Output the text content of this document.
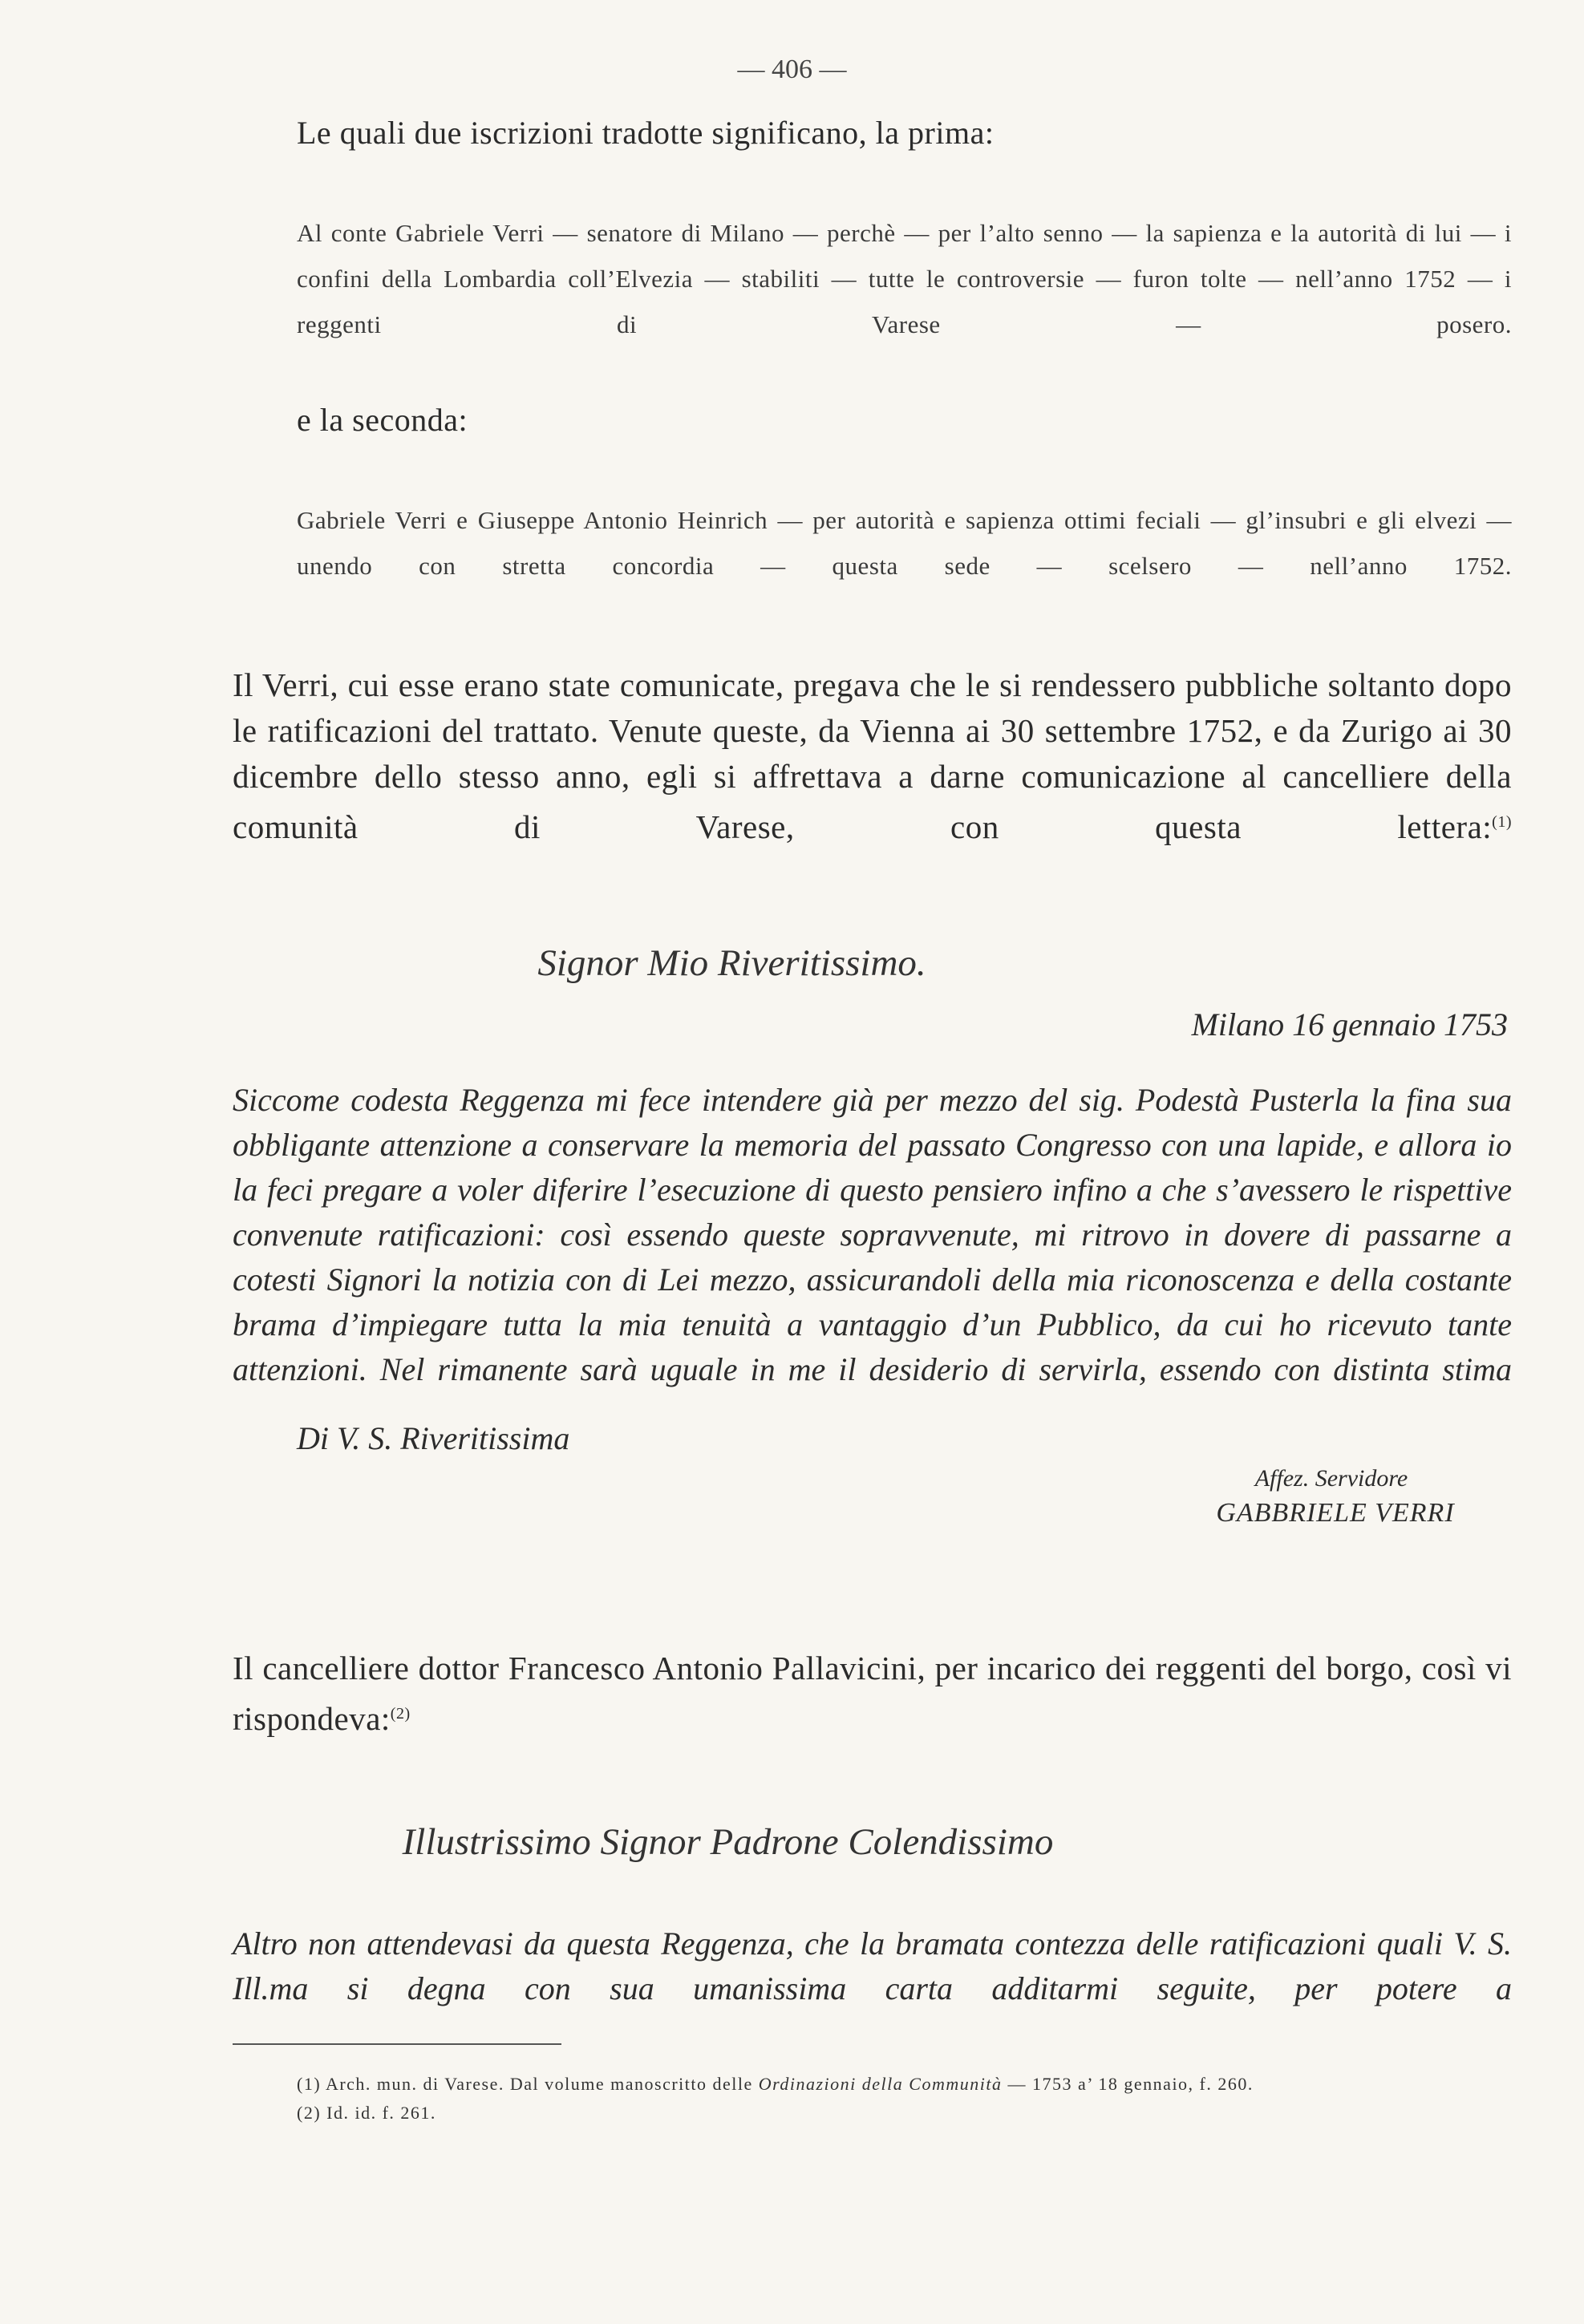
— 406 —

Le quali due iscrizioni tradotte significano, la prima:

Al conte Gabriele Verri — senatore di Milano — perchè — per l’alto senno — la sapienza e la autorità di lui — i confini della Lombardia coll’Elvezia — stabiliti — tutte le controversie — furon tolte — nell’anno 1752 — i reggenti di Varese — posero.

e la seconda:

Gabriele Verri e Giuseppe Antonio Heinrich — per autorità e sapienza ottimi feciali — gl’insubri e gli elvezi — unendo con stretta concordia — questa sede — scelsero — nell’anno 1752.

Il Verri, cui esse erano state comunicate, pregava che le si rendessero pubbliche soltanto dopo le ratificazioni del trattato. Venute queste, da Vienna ai 30 settembre 1752, e da Zurigo ai 30 dicembre dello stesso anno, egli si affrettava a darne comunicazione al cancelliere della comunità di Varese, con questa lettera:$^{(1)}$

Signor Mio Riveritissimo.
Milano 16 gennaio 1753

Siccome codesta Reggenza mi fece intendere già per mezzo del sig. Podestà Pusterla la fina sua obbligante attenzione a conservare la memoria del passato Congresso con una lapide, e allora io la feci pregare a voler diferire l’esecuzione di questo pensiero infino a che s’avessero le rispettive convenute ratificazioni: così essendo queste sopravvenute, mi ritrovo in dovere di passarne a cotesti Signori la notizia con di Lei mezzo, assicurandoli della mia riconoscenza e della costante brama d’impiegare tutta la mia tenuità a vantaggio d’un Pubblico, da cui ho ricevuto tante attenzioni. Nel rimanente sarà uguale in me il desiderio di servirla, essendo con distinta stima

Di V. S. Riveritissima
Affez. Servidore
GABBRIELE VERRI

Il cancelliere dottor Francesco Antonio Pallavicini, per incarico dei reggenti del borgo, così vi rispondeva:$^{(2)}$

Illustrissimo Signor Padrone Colendissimo

Altro non attendevasi da questa Reggenza, che la bramata contezza delle ratificazioni quali V. S. Ill.ma si degna con sua umanissima carta additarmi seguite, per potere a

(1) Arch. mun. di Varese. Dal volume manoscritto delle Ordinazioni della Communità — 1753 a’ 18 gennaio, f. 260.
(2) Id. id. f. 261.
